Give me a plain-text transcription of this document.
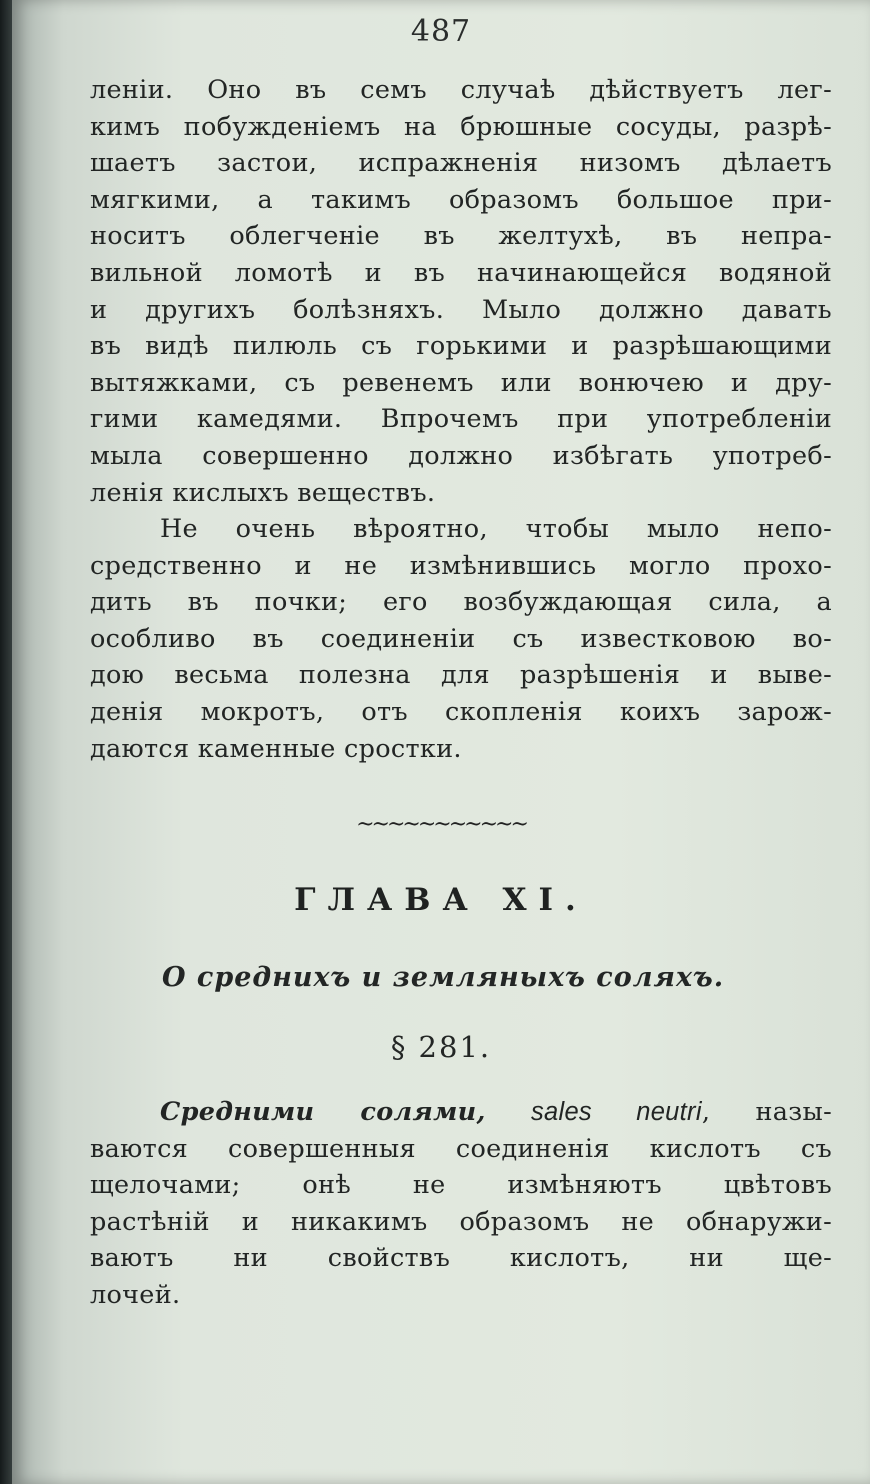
487
леніи. Оно въ семъ случаѣ дѣйствуетъ лег-
кимъ побужденіемъ на брюшные сосуды, разрѣ-
шаетъ застои, испражненія низомъ дѣлаетъ
мягкими, а такимъ образомъ большое при-
носитъ облегченіе въ желтухѣ, въ непра-
вильной ломотѣ и въ начинающейся водяной
и другихъ болѣзняхъ. Мыло должно давать
въ видѣ пилюль съ горькими и разрѣшающими
вытяжками, съ ревенемъ или вонючею и дру-
гими камедями. Впрочемъ при употребленіи
мыла совершенно должно избѣгать употреб-
ленія кислыхъ веществъ.
Не очень вѣроятно, чтобы мыло непо-
средственно и не измѣнившись могло прохо-
дить въ почки; его возбуждающая сила, а
особливо въ соединеніи съ известковою во-
дою весьма полезна для разрѣшенія и выве-
денія мокротъ, отъ скопленія коихъ зарож-
даются каменные сростки.
~~~~~~~~~~~
ГЛАВА XI.
О среднихъ и земляныхъ соляхъ.
§ 281.
Средними солями, sales neutri, назы-
ваются совершенныя соединенія кислотъ съ
щелочами; онѣ не измѣняютъ цвѣтовъ
растѣній и никакимъ образомъ не обнаружи-
ваютъ ни свойствъ кислотъ, ни ще-
лочей.
